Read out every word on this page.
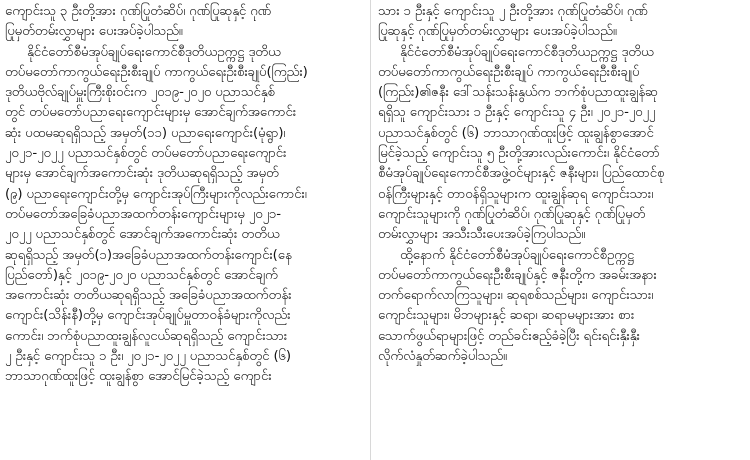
ကျောင်းသူ ၃ ဦးတို့အား ဂုဏ်ပြုတံဆိပ်၊ ဂုဏ်ပြုဆုနှင့် ဂုဏ်
ပြုမှတ်တမ်းလွှာများ ပေးအပ်ခဲ့ပါသည်။
နိုင်ငံတော်စီမံအုပ်ချုပ်ရေးကောင်စီဒုတိယဥက္ကဋ္ဌ ဒုတိယ
တပ်မတော်ကာကွယ်ရေးဦးစီးချုပ် ကာကွယ်ရေးဦးစီးချုပ်(ကြည်း)
ဒုတိယဗိုလ်ချုပ်မှူးကြီးစိုးဝင်းက ၂၀၁၉-၂၀၂၀ ပညာသင်နှစ်
တွင် တပ်မတော်ပညာရေးကျောင်းများမှ အောင်ချက်အကောင်း
ဆုံး ပထမဆုရရှိသည့် အမှတ်(၁၁) ပညာရေးကျောင်း(မုံရွာ)၊
၂၀၂၁-၂၀၂၂ ပညာသင်နှစ်တွင် တပ်မတော်ပညာရေးကျောင်း
များမှ အောင်ချက်အကောင်းဆုံး ဒုတိယဆုရရှိသည့် အမှတ်
(၉) ပညာရေးကျောင်းတို့မှ ကျောင်းအုပ်ကြီးများကိုလည်းကောင်း၊
တပ်မတော်အခြေခံပညာအထက်တန်းကျောင်းများမှ ၂၀၂၁-
၂၀၂၂ ပညာသင်နှစ်တွင် အောင်ချက်အကောင်းဆုံး တတိယ
ဆုရရှိသည့် အမှတ်(၁)အခြေခံပညာအထက်တန်းကျောင်း(နေ
ပြည်တော်)နှင့် ၂၀၁၉-၂၀၂၀ ပညာသင်နှစ်တွင် အောင်ချက်
အကောင်းဆုံး တတိယဆုရရှိသည့် အခြေခံပညာအထက်တန်း
ကျောင်း(သိန်းနီ)တို့မှ ကျောင်းအုပ်ချုပ်မှူတာဝန်ခံများကိုလည်း
ကောင်း၊ ဘက်စုံပညာထူးချွန်လူငယ်ဆုရရှိသည့် ကျောင်းသား
၂ ဦးနှင့် ကျောင်းသူ ၁ ဦး၊ ၂၀၂၁-၂၀၂၂ ပညာသင်နှစ်တွင် (၆)
ဘာသာဂုဏ်ထူးဖြင့် ထူးချွန်စွာ အောင်မြင်ခဲ့သည့် ကျောင်း
သား ၁ ဦးနှင့် ကျောင်းသူ ၂ ဦးတို့အား ဂုဏ်ပြုတံဆိပ်၊ ဂုဏ်
ပြုဆုနှင့် ဂုဏ်ပြုမှတ်တမ်းလွှာများ ပေးအပ်ခဲ့ပါသည်။
နိုင်ငံတော်စီမံအုပ်ချုပ်ရေးကောင်စီဒုတိယဥက္ကဋ္ဌ ဒုတိယ
တပ်မတော်ကာကွယ်ရေးဦးစီးချုပ် ကာကွယ်ရေးဦးစီးချုပ်
(ကြည်း)၏ဇနီး ဒေါ်သန်းသန်းနွယ်က ဘက်စုံပညာထူးချွန်ဆု
ရရှိသူ ကျောင်းသား ၁ ဦးနှင့် ကျောင်းသူ ၄ ဦး၊ ၂၀၂၁-၂၀၂၂
ပညာသင်နှစ်တွင် (၆) ဘာသာဂုဏ်ထူးဖြင့် ထူးချွန်စွာအောင်
မြင်ခဲ့သည့် ကျောင်းသူ ၅ ဦးတို့အားလည်းကောင်း၊ နိုင်ငံတော်
စီမံအုပ်ချုပ်ရေးကောင်စီအဖွဲ့ဝင်များနှင့် ဇနီးများ၊ ပြည်ထောင်စု
ဝန်ကြီးများနှင့် တာဝန်ရှိသူများက ထူးချွန်ဆုရ ကျောင်းသား၊
ကျောင်းသူများကို ဂုဏ်ပြုတံဆိပ်၊ ဂုဏ်ပြုဆုနှင့် ဂုဏ်ပြုမှတ်
တမ်းလွှာများ အသီးသီးပေးအပ်ခဲ့ကြပါသည်။
ထို့နောက် နိုင်ငံတော်စီမံအုပ်ချုပ်ရေးကောင်စီဥက္ကဋ္ဌ
တပ်မတော်ကာကွယ်ရေးဦးစီးချုပ်နှင့် ဇနီးတို့က အခမ်းအနား
တက်ရောက်လာကြသူများ၊ ဆုရစစ်သည်များ၊ ကျောင်းသား၊
ကျောင်းသူများ၊ မိဘများနှင့် ဆရာ၊ ဆရာမများအား စား
သောက်ဖွယ်ရာများဖြင့် တည်ခင်းဧည့်ခံခဲ့ပြီး ရင်းရင်းနှီးနှီး
လိုက်လံနှုတ်ဆက်ခဲ့ပါသည်။
